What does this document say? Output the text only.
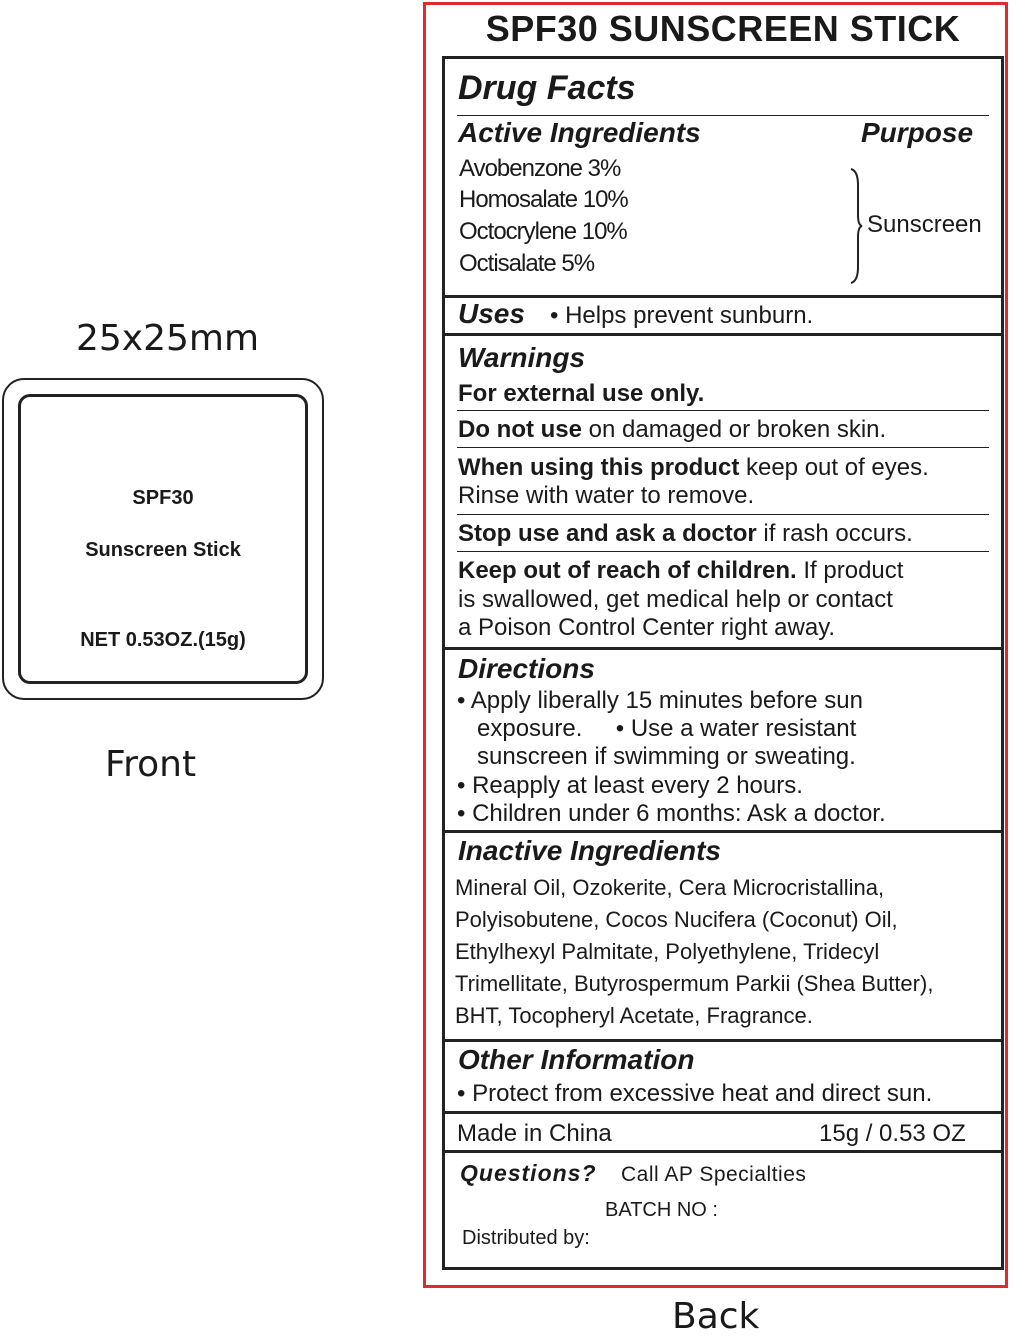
25x25mm
SPF30
Sunscreen Stick
NET 0.53OZ.(15g)
Front
SPF30 SUNSCREEN STICK
Drug Facts
Active Ingredients	Purpose
Avobenzone 3%
Homosalate 10%
Octocrylene 10%
Octisalate 5%
Sunscreen
Uses • Helps prevent sunburn.
Warnings
For external use only.
Do not use on damaged or broken skin.
When using this product keep out of eyes.
Rinse with water to remove.
Stop use and ask a doctor if rash occurs.
Keep out of reach of children. If product
is swallowed, get medical help or contact
a Poison Control Center right away.
Directions
• Apply liberally 15 minutes before sun
exposure.     • Use a water resistant
sunscreen if swimming or sweating.
• Reapply at least every 2 hours.
• Children under 6 months: Ask a doctor.
Inactive Ingredients
Mineral Oil, Ozokerite, Cera Microcristallina,
Polyisobutene, Cocos Nucifera (Coconut) Oil,
Ethylhexyl Palmitate, Polyethylene, Tridecyl
Trimellitate, Butyrospermum Parkii (Shea Butter),
BHT, Tocopheryl Acetate, Fragrance.
Other Information
• Protect from excessive heat and direct sun.
Made in China	15g / 0.53 OZ
Questions? Call AP Specialties
BATCH NO :
Distributed by:
Back
